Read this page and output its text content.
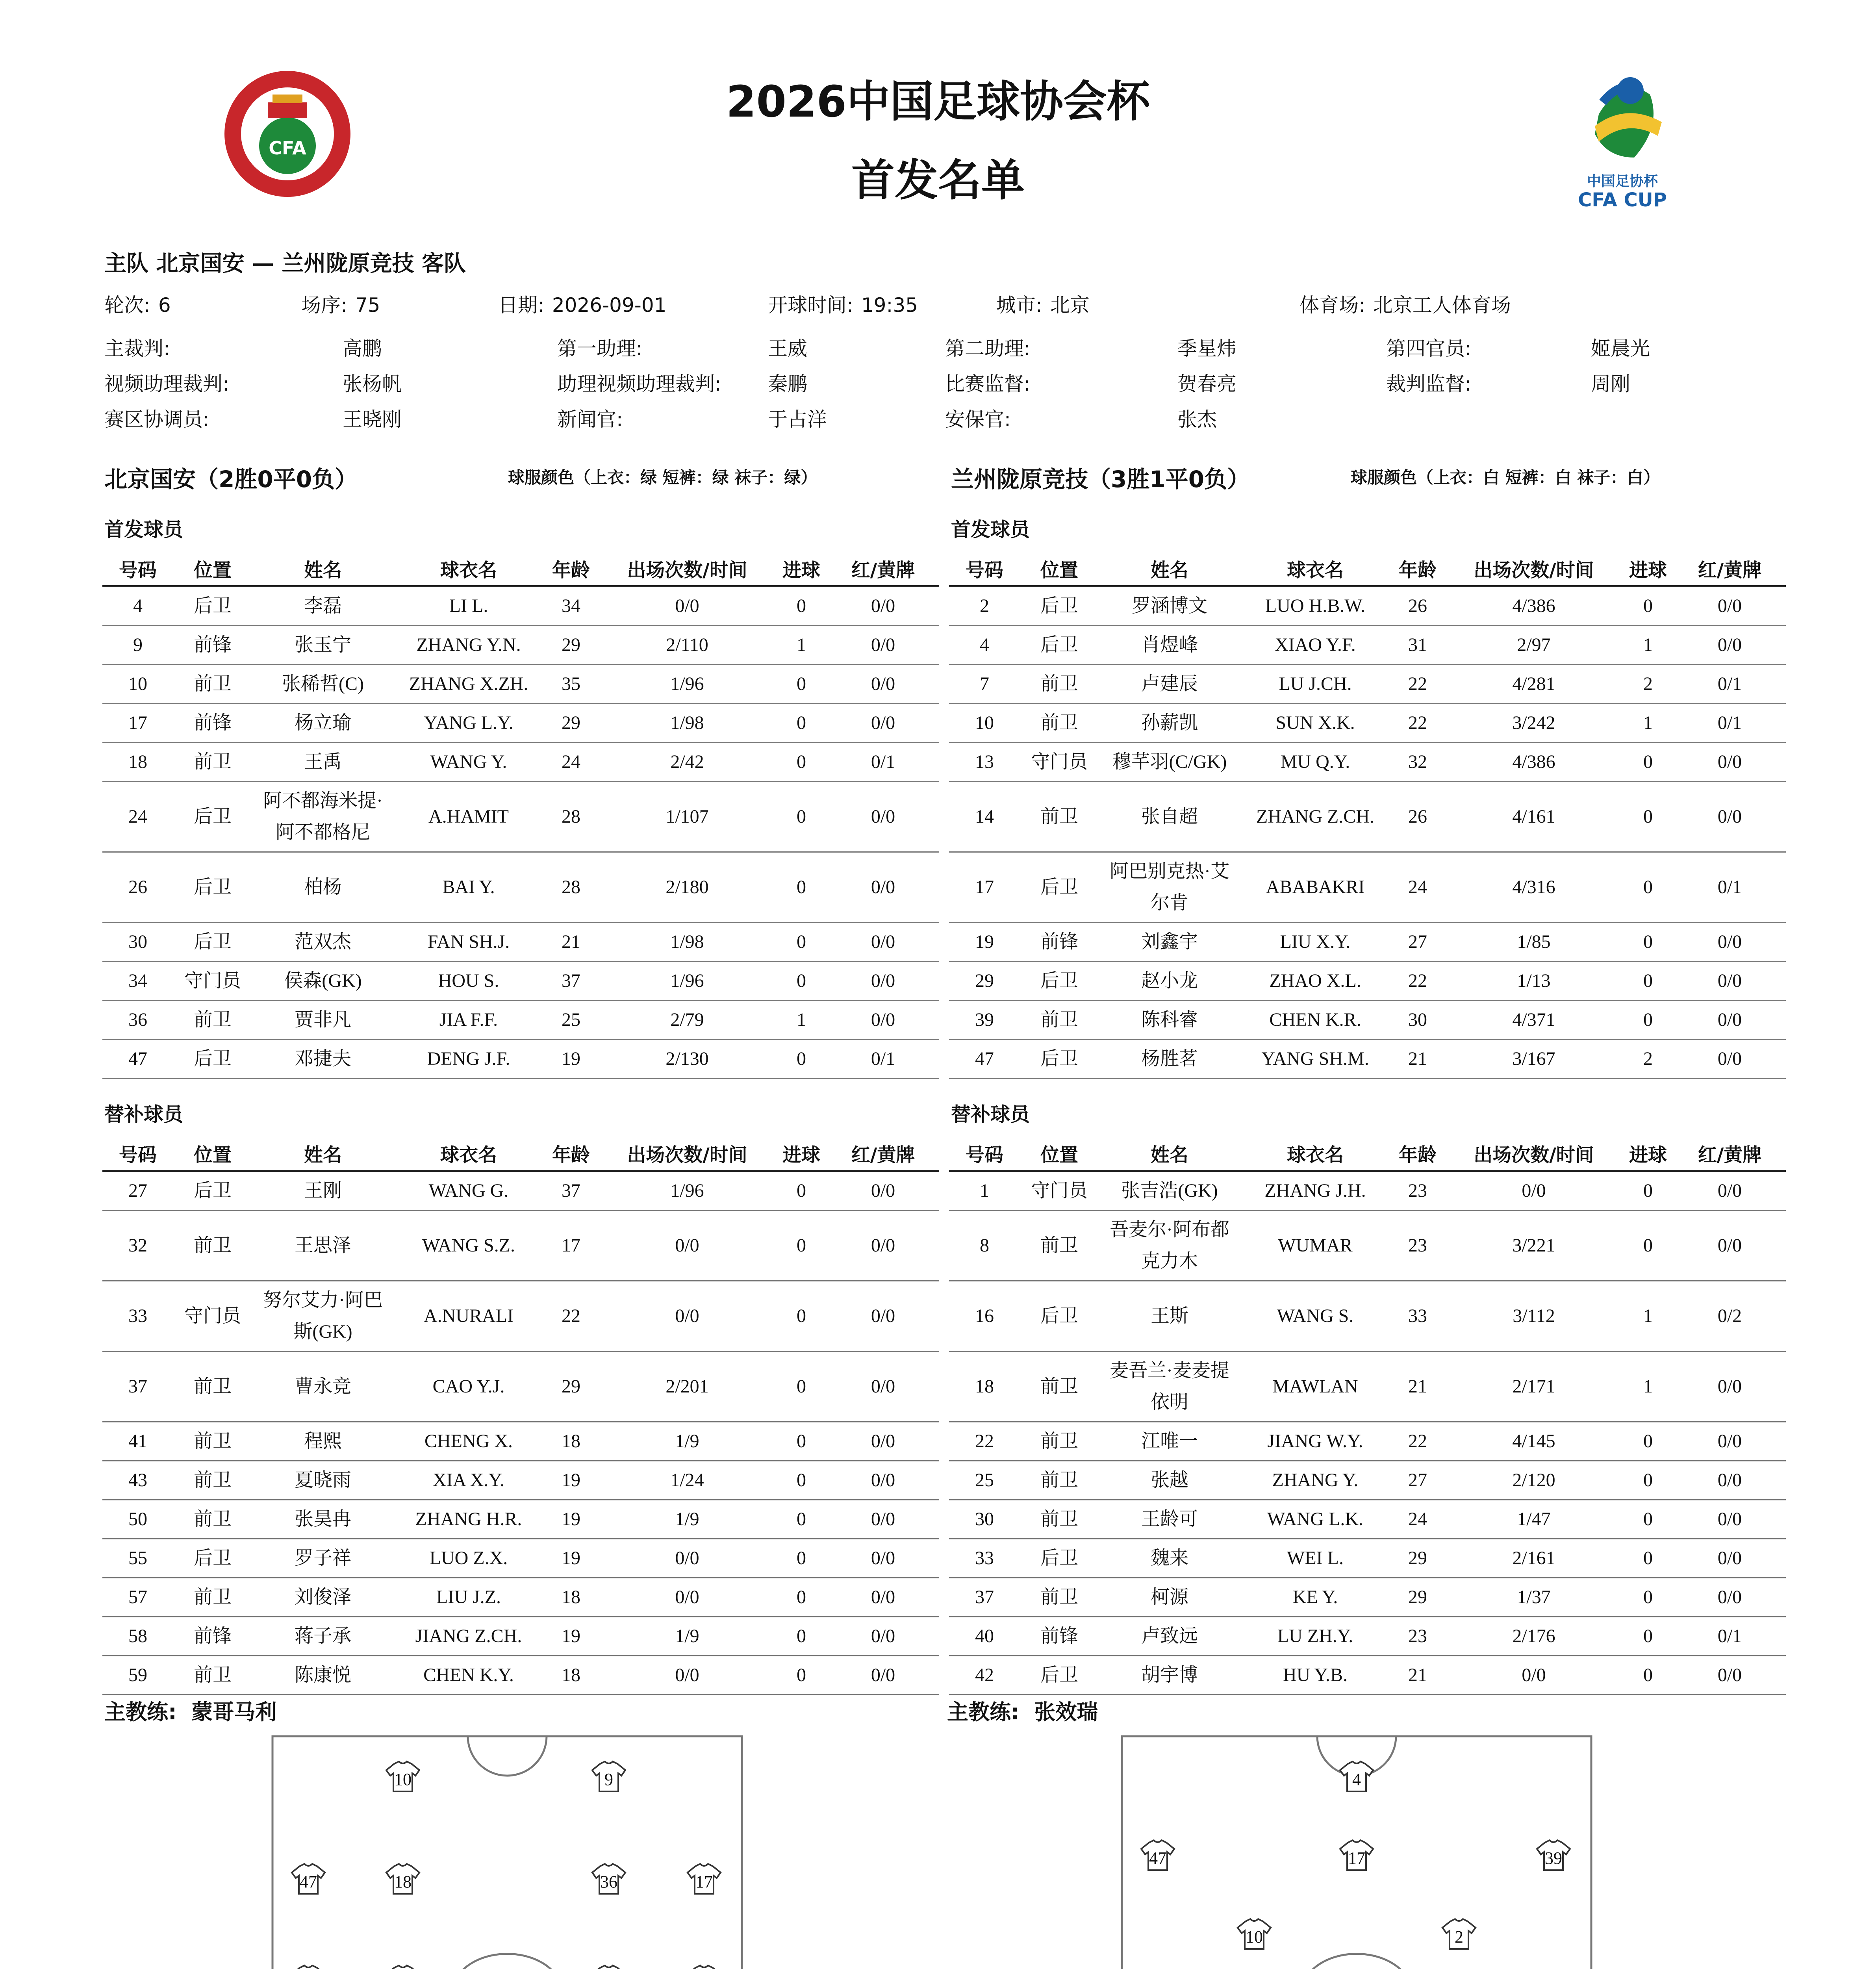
CFA
中国足协杯
CFA CUP
2026中国足球协会杯
首发名单
主队 北京国安 — 兰州陇原竞技 客队
轮次: 6	场序: 75	日期: 2026-09-01	开球时间: 19:35	城市: 北京	体育场: 北京工人体育场
主裁判:	高鹏	第一助理:	王威	第二助理:	季星炜	第四官员:	姬晨光
视频助理裁判:	张杨帆	助理视频助理裁判: 秦鹏	比赛监督:	贺春亮	裁判监督:	周刚
赛区协调员:	王晓刚	新闻官:	于占洋	安保官:	张杰
北京国安（2胜0平0负）	球服颜色（上衣：绿 短裤：绿 袜子：绿）	兰州陇原竞技（3胜1平0负）	球服颜色（上衣：白 短裤：白 袜子：白）
首发球员	首发球员
号码	位置	姓名	球衣名	年龄	出场次数/时间	进球	红/黄牌
4	后卫	李磊	LI L.	34	0/0	0	0/0
9	前锋	张玉宁	ZHANG Y.N.	29	2/110	1	0/0
10	前卫	张稀哲(C)	ZHANG X.ZH.	35	1/96	0	0/0
17	前锋	杨立瑜	YANG L.Y.	29	1/98	0	0/0
18	前卫	王禹	WANG Y.	24	2/42	0	0/1
24	后卫	阿不都海米提·阿不都格尼	A.HAMIT	28	1/107	0	0/0
26	后卫	柏杨	BAI Y.	28	2/180	0	0/0
30	后卫	范双杰	FAN SH.J.	21	1/98	0	0/0
34	守门员	侯森(GK)	HOU S.	37	1/96	0	0/0
36	前卫	贾非凡	JIA F.F.	25	2/79	1	0/0
47	后卫	邓捷夫	DENG J.F.	19	2/130	0	0/1
号码	位置	姓名	球衣名	年龄	出场次数/时间	进球	红/黄牌
2	后卫	罗涵博文	LUO H.B.W.	26	4/386	0	0/0
4	后卫	肖煜峰	XIAO Y.F.	31	2/97	1	0/0
7	前卫	卢建辰	LU J.CH.	22	4/281	2	0/1
10	前卫	孙薪凯	SUN X.K.	22	3/242	1	0/1
13	守门员	穆芊羽(C/GK)	MU Q.Y.	32	4/386	0	0/0
14	前卫	张自超	ZHANG Z.CH.	26	4/161	0	0/0
17	后卫	阿巴别克热·艾尔肯	ABABAKRI	24	4/316	0	0/1
19	前锋	刘鑫宇	LIU X.Y.	27	1/85	0	0/0
29	后卫	赵小龙	ZHAO X.L.	22	1/13	0	0/0
39	前卫	陈科睿	CHEN K.R.	30	4/371	0	0/0
47	后卫	杨胜茗	YANG SH.M.	21	3/167	2	0/0
替补球员	替补球员
号码	位置	姓名	球衣名	年龄	出场次数/时间	进球	红/黄牌
27	后卫	王刚	WANG G.	37	1/96	0	0/0
32	前卫	王思泽	WANG S.Z.	17	0/0	0	0/0
33	守门员	努尔艾力·阿巴斯(GK)	A.NURALI	22	0/0	0	0/0
37	前卫	曹永竞	CAO Y.J.	29	2/201	0	0/0
41	前卫	程熙	CHENG X.	18	1/9	0	0/0
43	前卫	夏晓雨	XIA X.Y.	19	1/24	0	0/0
50	前卫	张昊冉	ZHANG H.R.	19	1/9	0	0/0
55	后卫	罗子祥	LUO Z.X.	19	0/0	0	0/0
57	前卫	刘俊泽	LIU J.Z.	18	0/0	0	0/0
58	前锋	蒋子承	JIANG Z.CH.	19	1/9	0	0/0
59	前卫	陈康悦	CHEN K.Y.	18	0/0	0	0/0
号码	位置	姓名	球衣名	年龄	出场次数/时间	进球	红/黄牌
1	守门员	张吉浩(GK)	ZHANG J.H.	23	0/0	0	0/0
8	前卫	吾麦尔·阿布都克力木	WUMAR	23	3/221	0	0/0
16	后卫	王斯	WANG S.	33	3/112	1	0/2
18	前卫	麦吾兰·麦麦提依明	MAWLAN	21	2/171	1	0/0
22	前卫	江唯一	JIANG W.Y.	22	4/145	0	0/0
25	前卫	张越	ZHANG Y.	27	2/120	0	0/0
30	前卫	王龄可	WANG L.K.	24	1/47	0	0/0
33	后卫	魏来	WEI L.	29	2/161	0	0/0
37	前卫	柯源	KE Y.	29	1/37	0	0/0
40	前锋	卢致远	LU ZH.Y.	23	2/176	0	0/1
42	后卫	胡宇博	HU Y.B.	21	0/0	0	0/0
主教练: 蒙哥马利	主教练: 张效瑞
10	9
47	18	36	17
4
47	17	39
10	2
